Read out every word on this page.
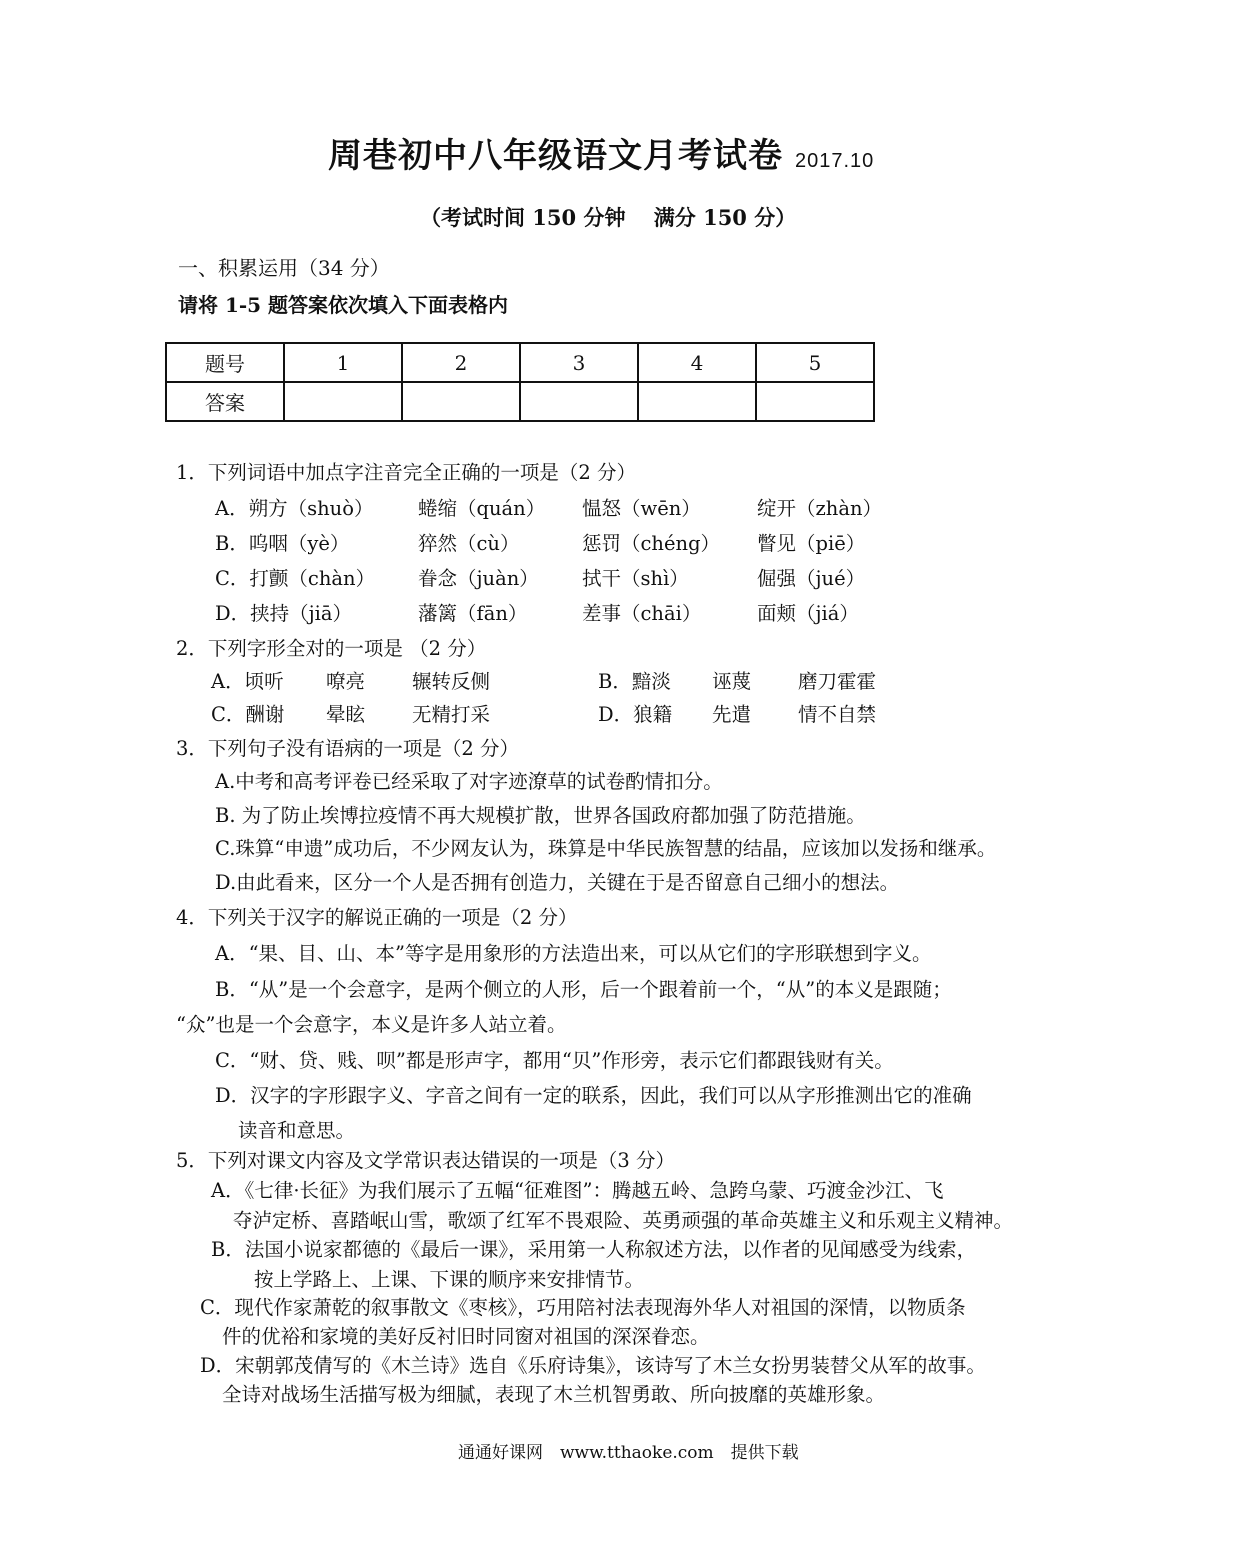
周巷初中八年级语文月考试卷 2017.10
（考试时间 150 分钟　 满分 150 分）
一、积累运用（34 分）
请将 1-5 题答案依次填入下面表格内
题号	1	2	3	4	5
答案					
1．下列词语中加点字注音完全正确的一项是（2 分）
A．朔方（shuò） 蜷缩（quán） 愠怒（wēn）	绽开（zhàn）
B．呜咽（yè）	猝然（cù）	惩罚（chéng） 瞥见（piē）
C．打颤（chàn） 眷念（juàn） 拭干（shì）	倔强（jué）
D．挟持（jiā）	藩篱（fān）	差事（chāi）	面颊（jiá）
2．下列字形全对的一项是 （2 分）
A．顷听 嘹亮 辗转反侧	B．黯淡 诬蔑 磨刀霍霍
C．酬谢 晕眩 无精打采	D．狼籍 先遣 情不自禁
3．下列句子没有语病的一项是（2 分）
A.中考和高考评卷已经采取了对字迹潦草的试卷酌情扣分。
B. 为了防止埃博拉疫情不再大规模扩散，世界各国政府都加强了防范措施。
C.珠算“申遗”成功后，不少网友认为，珠算是中华民族智慧的结晶，应该加以发扬和继承。
D.由此看来，区分一个人是否拥有创造力，关键在于是否留意自己细小的想法。
4．下列关于汉字的解说正确的一项是（2 分）
A．“果、目、山、本”等字是用象形的方法造出来，可以从它们的字形联想到字义。
B．“从”是一个会意字，是两个侧立的人形，后一个跟着前一个，“从”的本义是跟随；
“众”也是一个会意字，本义是许多人站立着。
C．“财、贷、贱、呗”都是形声字，都用“贝”作形旁，表示它们都跟钱财有关。
D．汉字的字形跟字义、字音之间有一定的联系，因此，我们可以从字形推测出它的准确
读音和意思。
5．下列对课文内容及文学常识表达错误的一项是（3 分）
A．《七律·长征》为我们展示了五幅“征难图”：腾越五岭、急跨乌蒙、巧渡金沙江、飞
夺泸定桥、喜踏岷山雪，歌颂了红军不畏艰险、英勇顽强的革命英雄主义和乐观主义精神。
B．法国小说家都德的《最后一课》，采用第一人称叙述方法，以作者的见闻感受为线索，
按上学路上、上课、下课的顺序来安排情节。
C．现代作家萧乾的叙事散文《枣核》，巧用陪衬法表现海外华人对祖国的深情，以物质条
件的优裕和家境的美好反衬旧时同窗对祖国的深深眷恋。
D．宋朝郭茂倩写的《木兰诗》选自《乐府诗集》，该诗写了木兰女扮男装替父从军的故事。
全诗对战场生活描写极为细腻，表现了木兰机智勇敢、所向披靡的英雄形象。
通通好课网　www.tthaoke.com　提供下载
